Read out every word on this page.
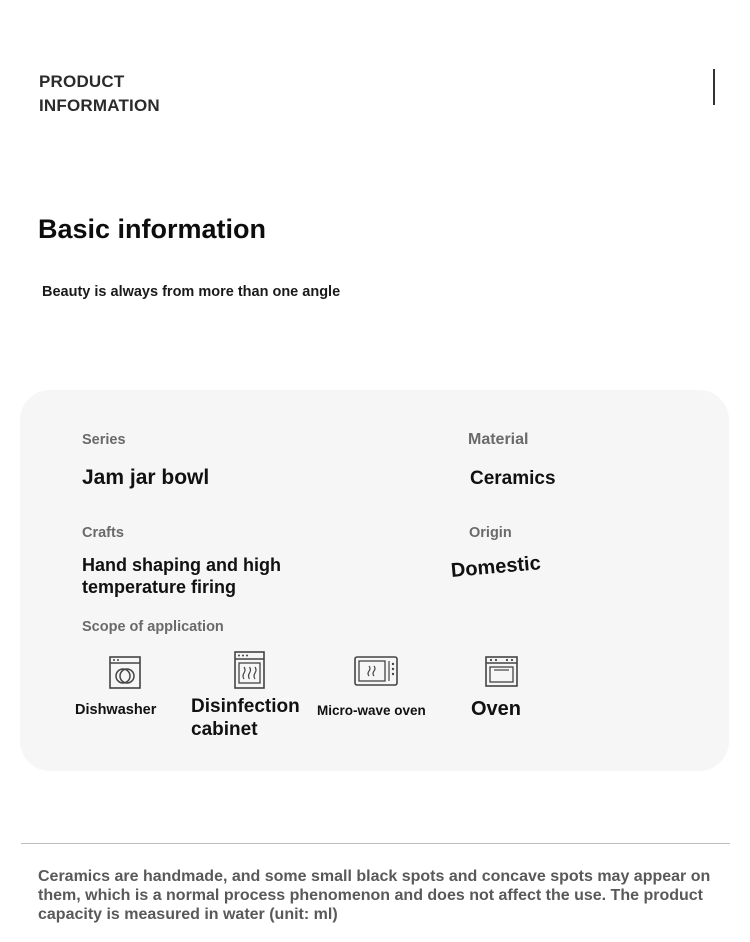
PRODUCT
INFORMATION
Basic information
Beauty is always from more than one angle
Series
Jam jar bowl
Material
Ceramics
Crafts
Hand shaping and high
temperature firing
Origin
Domestic
Scope of application
Dishwasher Disinfection
cabinet
Micro-wave oven Oven
Ceramics are handmade, and some small black spots and concave spots may appear on them, which is a normal process phenomenon and does not affect the use. The product capacity is measured in water (unit: ml)
